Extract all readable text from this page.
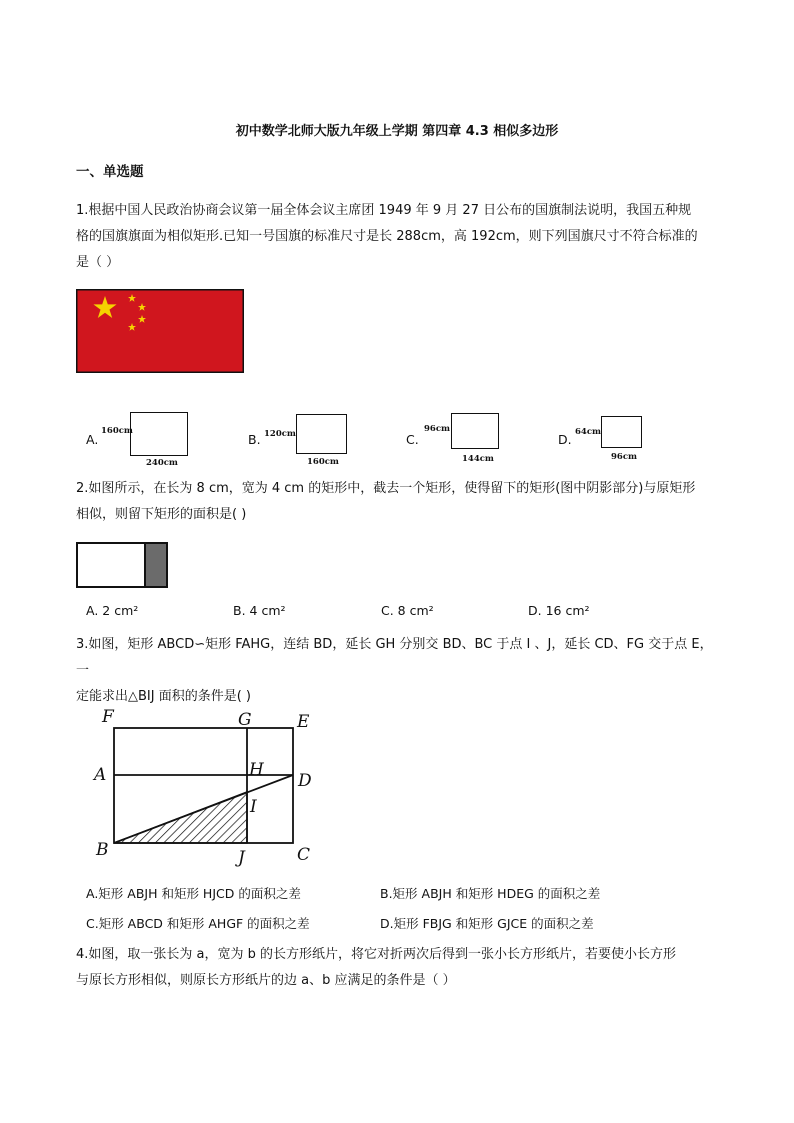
初中数学北师大版九年级上学期 第四章 4.3 相似多边形
一、单选题
1.根据中国人民政治协商会议第一届全体会议主席团 1949 年 9 月 27 日公布的国旗制法说明，我国五种规
格的国旗旗面为相似矩形.已知一号国旗的标准尺寸是长 288cm，高 192cm，则下列国旗尺寸不符合标准的
是（ ）
A.
160cm
240cm
B. 120cm
160cm
C.
96cm
144cm
D. 64cm
96cm
2.如图所示，在长为 8 cm，宽为 4 cm 的矩形中，截去一个矩形，使得留下的矩形(图中阴影部分)与原矩形
相似，则留下矩形的面积是( )
A. 2 cm²	B. 4 cm²	C. 8 cm²	D. 16 cm²
3.如图，矩形 ABCD∽矩形 FAHG，连结 BD，延长 GH 分别交 BD、BC 于点 I 、J，延长 CD、FG 交于点 E，一
定能求出△BIJ 面积的条件是( )
F	G	E
A	H
D
I
B	J	C
A.矩形 ABJH 和矩形 HJCD 的面积之差	B.矩形 ABJH 和矩形 HDEG 的面积之差
C.矩形 ABCD 和矩形 AHGF 的面积之差	D.矩形 FBJG 和矩形 GJCE 的面积之差
4.如图，取一张长为 a，宽为 b 的长方形纸片，将它对折两次后得到一张小长方形纸片，若要使小长方形
与原长方形相似，则原长方形纸片的边 a、b 应满足的条件是（ ）
